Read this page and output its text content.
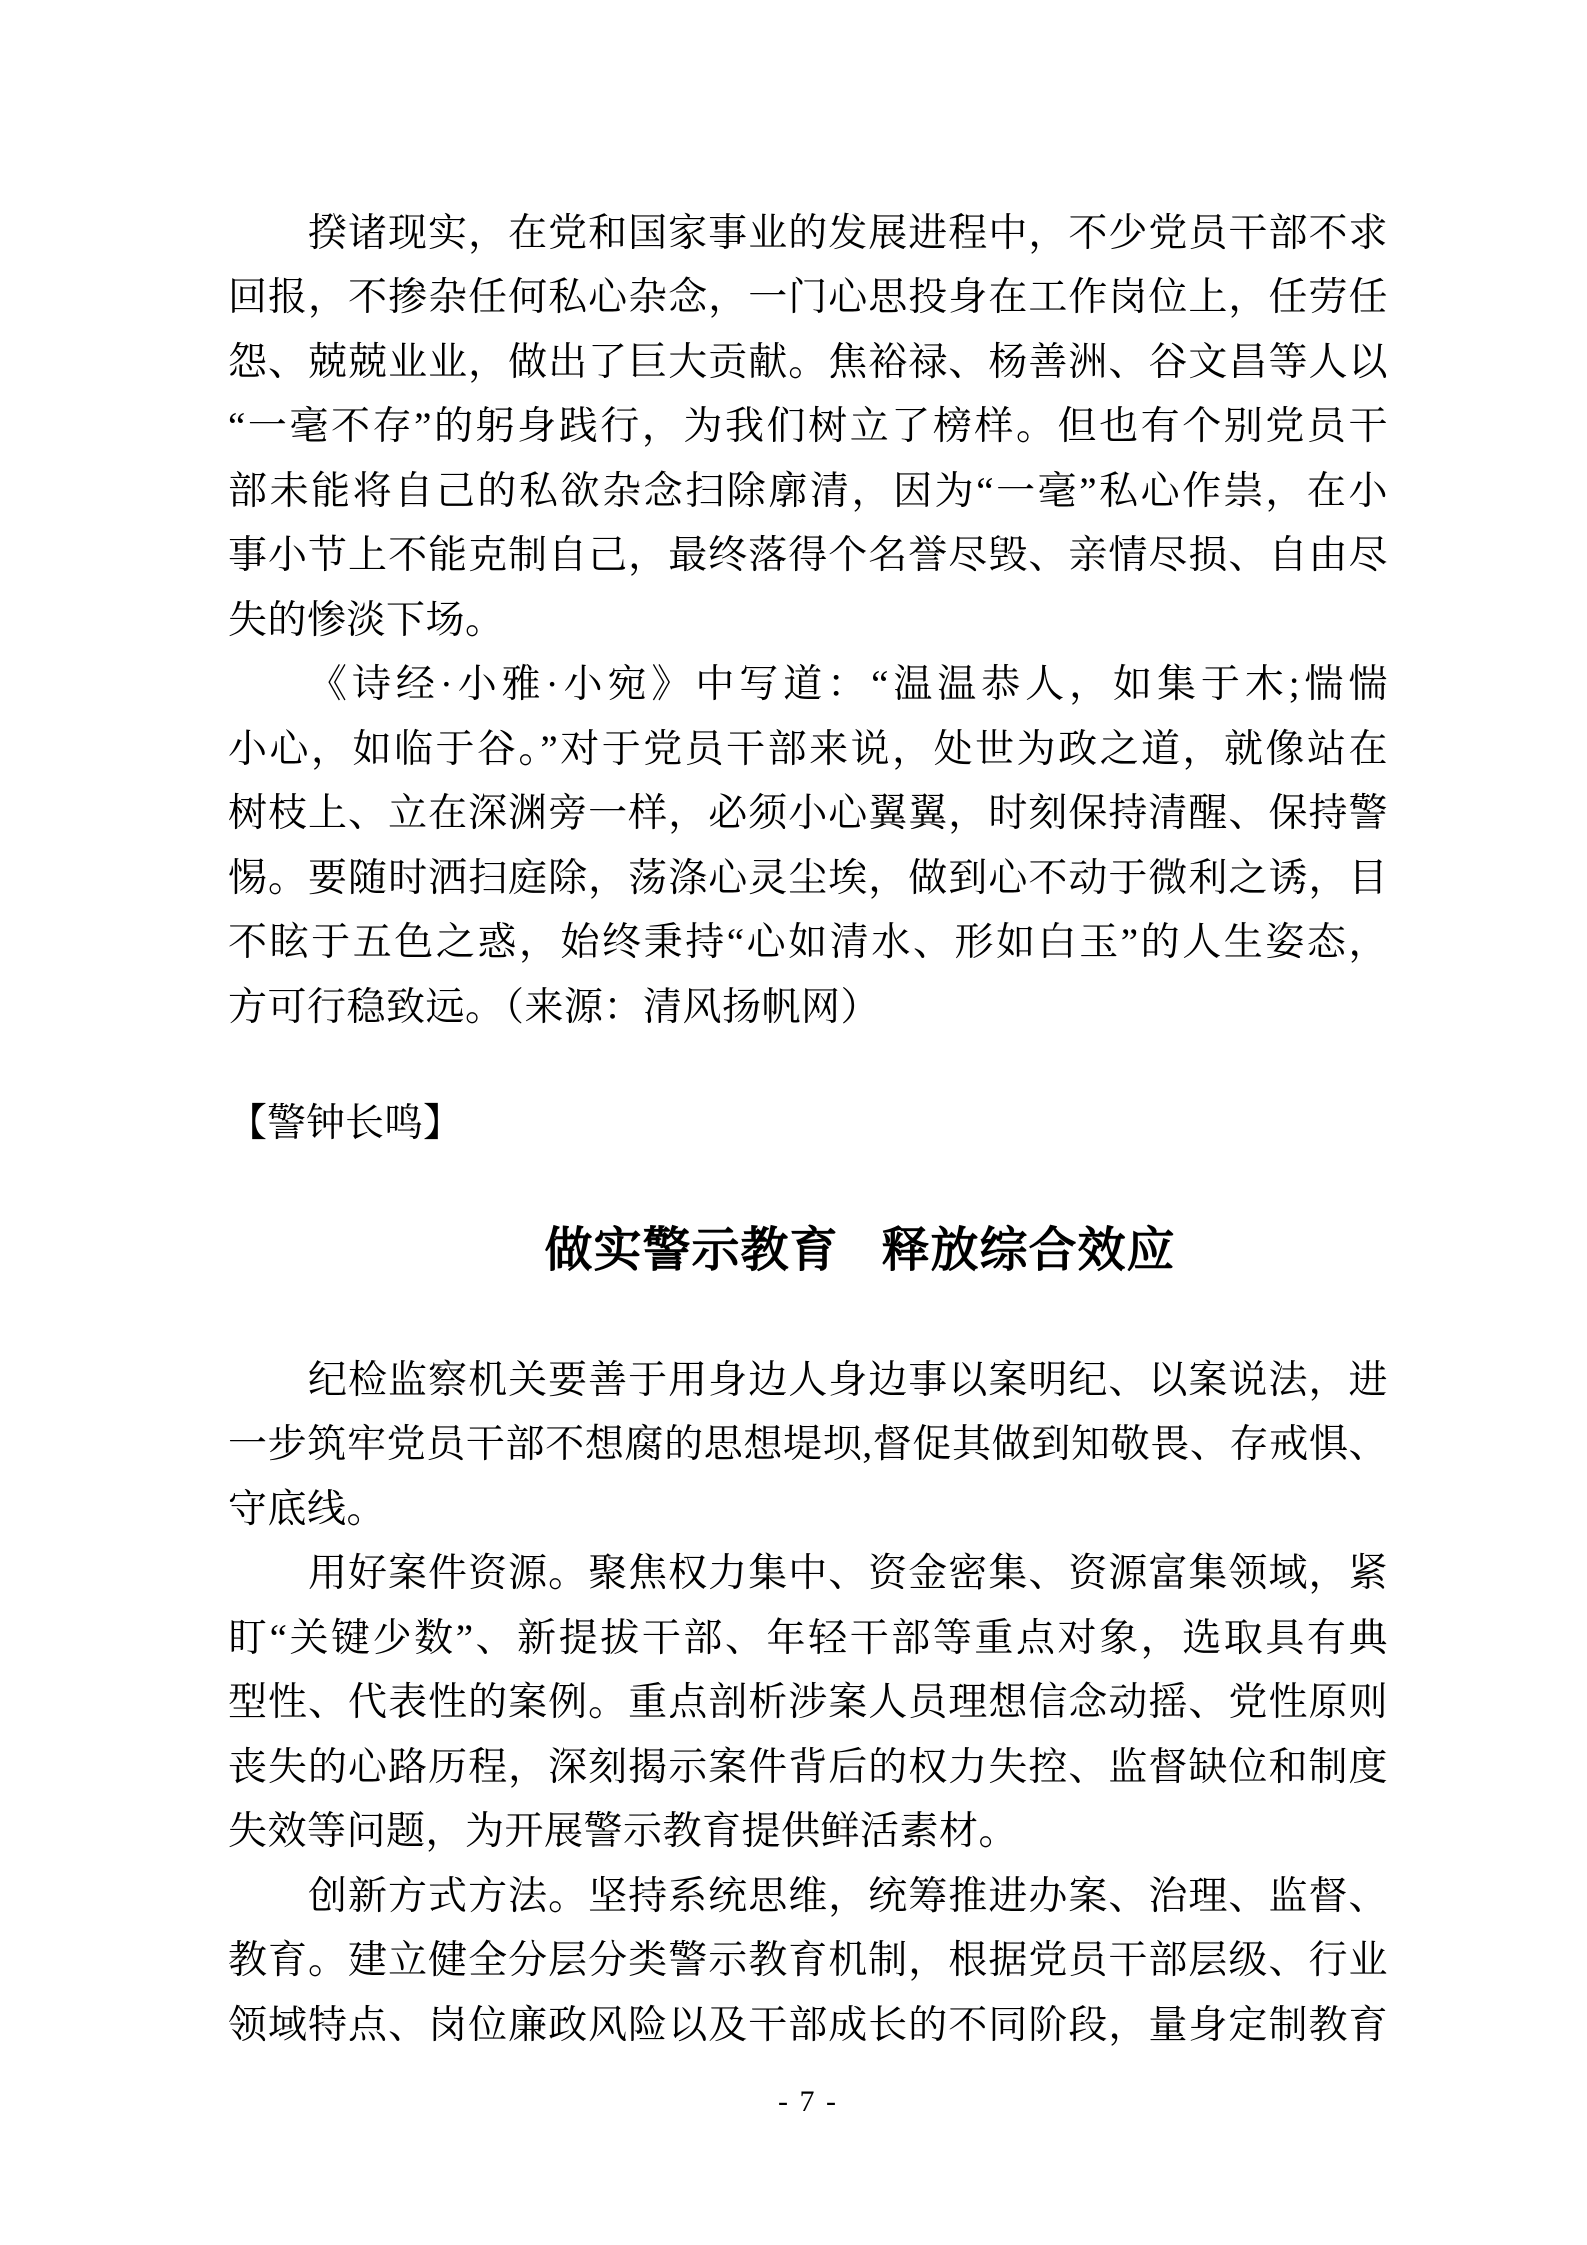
揆诸现实，在党和国家事业的发展进程中，不少党员干部不求
回报，不掺杂任何私心杂念，一门心思投身在工作岗位上，任劳任
怨、兢兢业业，做出了巨大贡献。焦裕禄、杨善洲、谷文昌等人以
“一毫不存”的躬身践行，为我们树立了榜样。但也有个别党员干
部未能将自己的私欲杂念扫除廓清，因为“一毫”私心作祟，在小
事小节上不能克制自己，最终落得个名誉尽毁、亲情尽损、自由尽
失的惨淡下场。
《诗经·小雅·小宛》中写道：“温温恭人，如集于木;惴惴
小心，如临于谷。”对于党员干部来说，处世为政之道，就像站在
树枝上、立在深渊旁一样，必须小心翼翼，时刻保持清醒、保持警
惕。要随时洒扫庭除，荡涤心灵尘埃，做到心不动于微利之诱，目
不眩于五色之惑，始终秉持“心如清水、形如白玉”的人生姿态，
方可行稳致远。（来源：清风扬帆网）
【警钟长鸣】
做实警示教育 释放综合效应
纪检监察机关要善于用身边人身边事以案明纪、以案说法，进
一步筑牢党员干部不想腐的思想堤坝,督促其做到知敬畏、存戒惧、
守底线。
用好案件资源。聚焦权力集中、资金密集、资源富集领域，紧
盯“关键少数”、新提拔干部、年轻干部等重点对象，选取具有典
型性、代表性的案例。重点剖析涉案人员理想信念动摇、党性原则
丧失的心路历程，深刻揭示案件背后的权力失控、监督缺位和制度
失效等问题，为开展警示教育提供鲜活素材。
创新方式方法。坚持系统思维，统筹推进办案、治理、监督、
教育。建立健全分层分类警示教育机制，根据党员干部层级、行业
领域特点、岗位廉政风险以及干部成长的不同阶段，量身定制教育
- 7 -
